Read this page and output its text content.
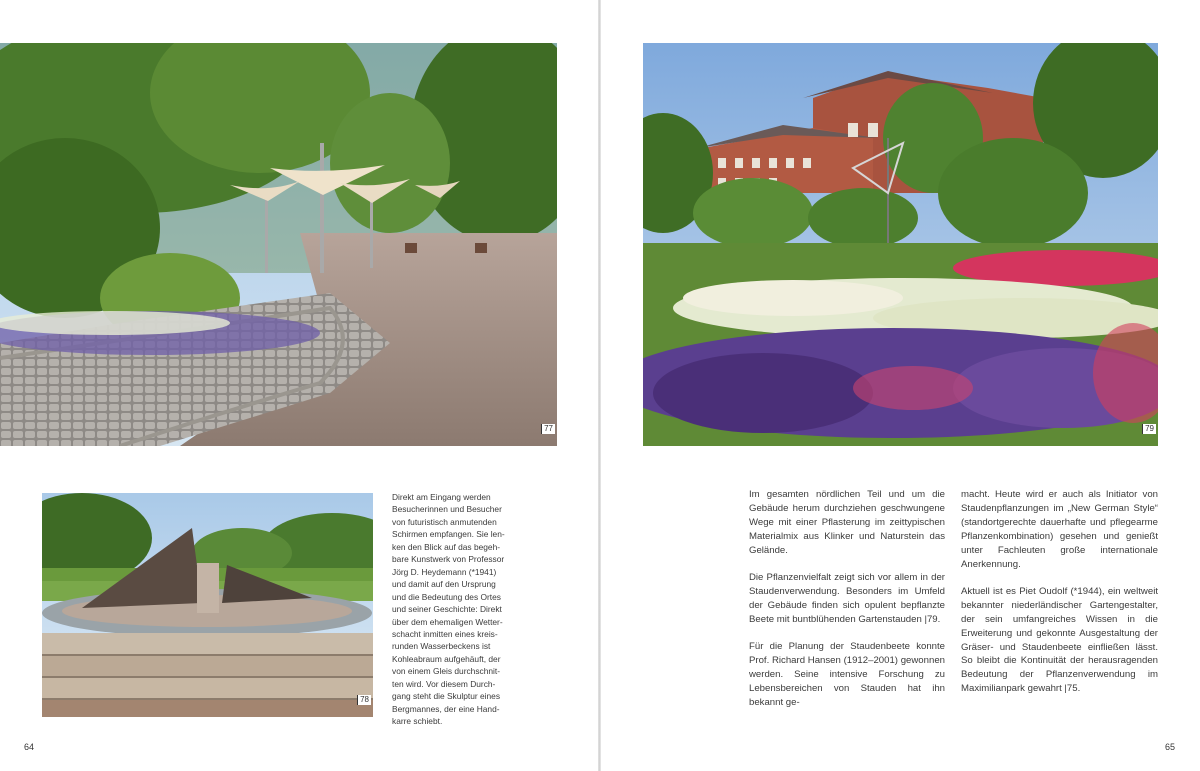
77
78
Direkt am Eingang werden
Besucherinnen und Besucher
von futuristisch anmutenden
Schirmen empfangen. Sie len-
ken den Blick auf das begeh-
bare Kunstwerk von Professor
Jörg D. Heydemann (*1941)
und damit auf den Ursprung
und die Bedeutung des Ortes
und seiner Geschichte: Direkt
über dem ehemaligen Wetter-
schacht inmitten eines kreis-
runden Wasserbeckens ist
Kohleabraum aufgehäuft, der
von einem Gleis durchschnit-
ten wird. Vor diesem Durch-
gang steht die Skulptur eines
Bergmannes, der eine Hand-
karre schiebt.
64
79

Im gesamten nördlichen Teil und um die Gebäude herum durchziehen geschwungene Wege mit einer Pflasterung im zeittypischen Materialmix aus Klinker und Naturstein das Gelände.

Die Pflanzenvielfalt zeigt sich vor allem in der Staudenverwendung. Besonders im Umfeld der Gebäude finden sich opulent bepflanzte Beete mit buntblühenden Gartenstauden |79.

Für die Planung der Staudenbeete konnte Prof. Richard Hansen (1912–2001) gewonnen werden. Seine intensive Forschung zu Lebensbereichen von Stauden hat ihn bekannt ge-

macht. Heute wird er auch als Initiator von Staudenpflanzungen im „New German Style“ (standortgerechte dauerhafte und pflegearme Pflanzenkombination) gesehen und genießt unter Fachleuten große internationale Anerkennung.

Aktuell ist es Piet Oudolf (*1944), ein weltweit bekannter niederländischer Gartengestalter, der sein umfangreiches Wissen in die Erweiterung und gekonnte Ausgestaltung der Gräser- und Staudenbeete einfließen lässt. So bleibt die Kontinuität der herausragenden Bedeutung der Pflanzenverwendung im Maximilianpark gewahrt |75.

65
